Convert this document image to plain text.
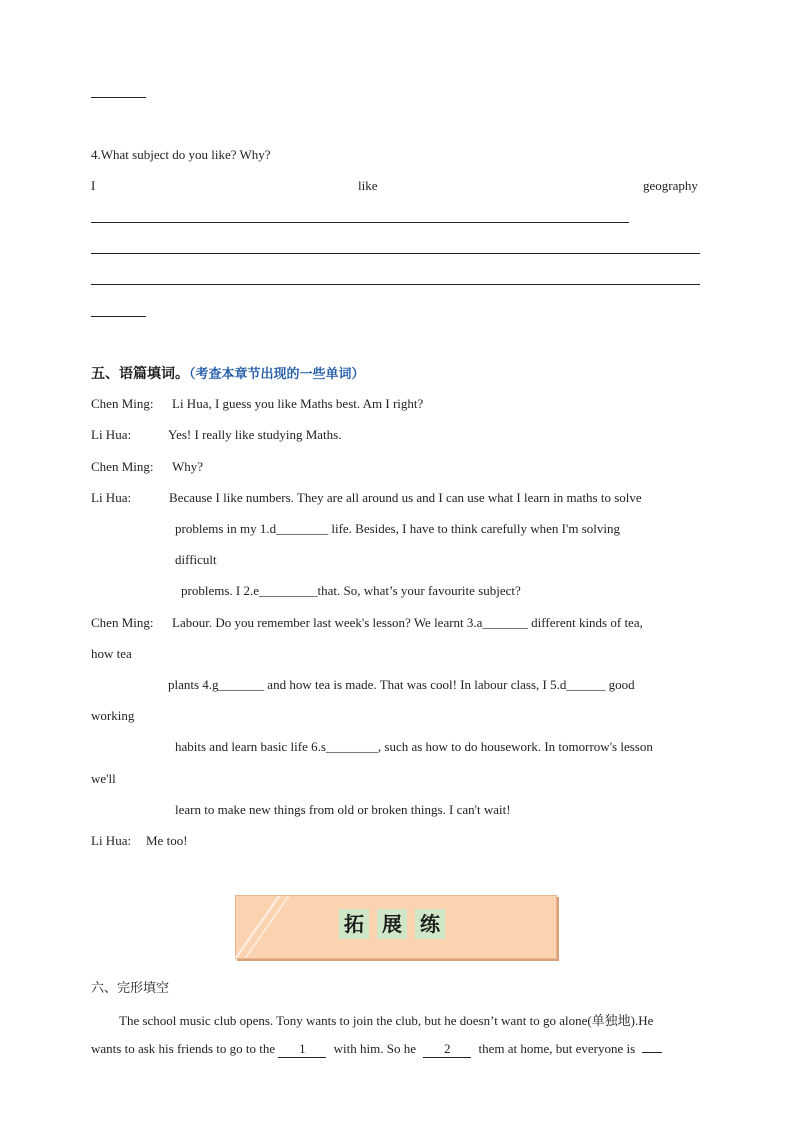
4.What subject do you like? Why?
I	like	geography
五、语篇填词。（考查本章节出现的一些单词）
Chen Ming: Li Hua, I guess you like Maths best. Am I right?
Li Hua:	Yes! I really like studying Maths.
Chen Ming: Why?
Li Hua:	Because I like numbers. They are all around us and I can use what I learn in maths to solve
problems in my 1.d________ life. Besides, I have to think carefully when I'm solving
difficult
problems. I 2.e_________that. So, what’s your favourite subject?
Chen Ming: Labour. Do you remember last week's lesson? We learnt 3.a_______ different kinds of tea,
how tea
plants 4.g_______ and how tea is made. That was cool! In labour class, I 5.d______ good
working
habits and learn basic life 6.s________, such as how to do housework. In tomorrow's lesson
we'll
learn to make new things from old or broken things. I can't wait!
Li Hua: Me too!
拓 展 练
六、完形填空
The school music club opens. Tony wants to join the club, but he doesn’t want to go alone(单独地).He
wants to ask his friends to go to the 1 with him. So he 2 them at home, but everyone is
